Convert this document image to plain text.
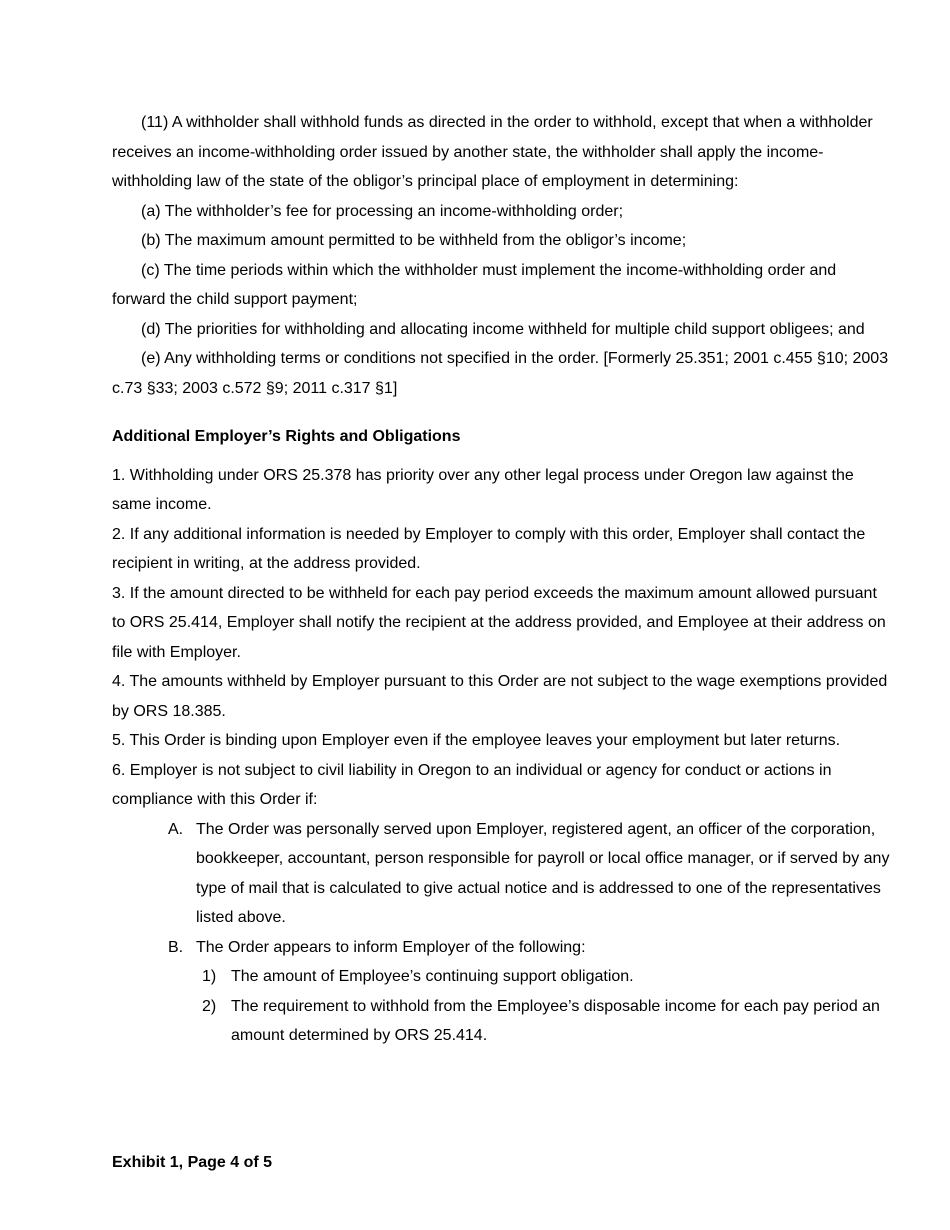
(11) A withholder shall withhold funds as directed in the order to withhold, except that when a withholder receives an income-withholding order issued by another state, the withholder shall apply the income-withholding law of the state of the obligor’s principal place of employment in determining:

(a) The withholder’s fee for processing an income-withholding order;

(b) The maximum amount permitted to be withheld from the obligor’s income;

(c) The time periods within which the withholder must implement the income-withholding order and forward the child support payment;

(d) The priorities for withholding and allocating income withheld for multiple child support obligees; and

(e) Any withholding terms or conditions not specified in the order. [Formerly 25.351; 2001 c.455 §10; 2003 c.73 §33; 2003 c.572 §9; 2011 c.317 §1]

Additional Employer’s Rights and Obligations

1. Withholding under ORS 25.378 has priority over any other legal process under Oregon law against the same income.

2. If any additional information is needed by Employer to comply with this order, Employer shall contact the recipient in writing, at the address provided.

3. If the amount directed to be withheld for each pay period exceeds the maximum amount allowed pursuant to ORS 25.414, Employer shall notify the recipient at the address provided, and Employee at their address on file with Employer.

4. The amounts withheld by Employer pursuant to this Order are not subject to the wage exemptions provided by ORS 18.385.

5. This Order is binding upon Employer even if the employee leaves your employment but later returns.

6. Employer is not subject to civil liability in Oregon to an individual or agency for conduct or actions in compliance with this Order if:

A. The Order was personally served upon Employer, registered agent, an officer of the corporation, bookkeeper, accountant, person responsible for payroll or local office manager, or if served by any type of mail that is calculated to give actual notice and is addressed to one of the representatives listed above.
B. The Order appears to inform Employer of the following:
1) The amount of Employee’s continuing support obligation.
2) The requirement to withhold from the Employee’s disposable income for each pay period an amount determined by ORS 25.414.
Exhibit 1, Page 4 of 5
